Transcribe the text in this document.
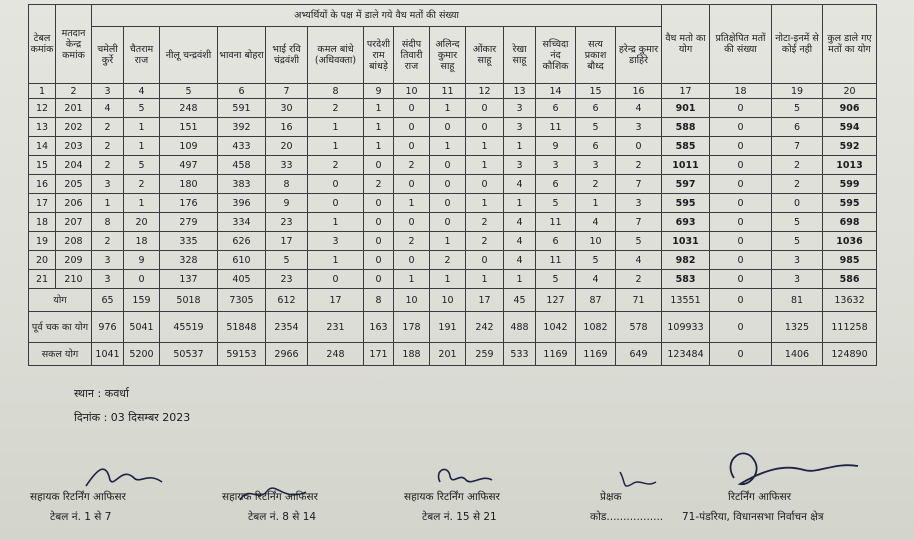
टेबल कमांक	मतदान केन्द्र कमांक	अभ्यर्थियों के पक्ष में डाले गये वैध मतों की संख्या														वैध मतो का योग	प्रतिक्षेपित मतों की संख्या	नोटा-इनमें से कोई नही	कुल डाले गए मतों का योग
		चमेली कुर्रे	चैतराम राज	नीलू चन्द्रवंशी	भावना बोहरा	भाई रवि चंद्रवंशी	कमल बांधे (अधिवक्ता)	परदेशी राम बांधड़े	संदीप तिवारी राज	अलिन्द कुमार साहू	ओंकार साहू	रेखा साहू	सच्चिदा नंद कौशिक	सत्य प्रकाश बौध्द	हरेन्द्र कुमार डाहिरे				
1	2	3	4	5	6	7	8	9	10	11	12	13	14	15	16	17	18	19	20
12	201	4	5	248	591	30	2	1	0	1	0	3	6	6	4	901	0	5	906
13	202	2	1	151	392	16	1	1	0	0	0	3	11	5	3	588	0	6	594
14	203	2	1	109	433	20	1	1	0	1	1	1	9	6	0	585	0	7	592
15	204	2	5	497	458	33	2	0	2	0	1	3	3	3	2	1011	0	2	1013
16	205	3	2	180	383	8	0	2	0	0	0	4	6	2	7	597	0	2	599
17	206	1	1	176	396	9	0	0	1	0	1	1	5	1	3	595	0	0	595
18	207	8	20	279	334	23	1	0	0	0	2	4	11	4	7	693	0	5	698
19	208	2	18	335	626	17	3	0	2	1	2	4	6	10	5	1031	0	5	1036
20	209	3	9	328	610	5	1	0	0	2	0	4	11	5	4	982	0	3	985
21	210	3	0	137	405	23	0	0	1	1	1	1	5	4	2	583	0	3	586
योग		65	159	5018	7305	612	17	8	10	10	17	45	127	87	71	13551	0	81	13632
पूर्व चक का योग		976	5041	45519	51848	2354	231	163	178	191	242	488	1042	1082	578	109933	0	1325	111258
सकल योग		1041	5200	50537	59153	2966	248	171	188	201	259	533	1169	1169	649	123484	0	1406	124890
स्थान : कवर्धा
दिनांक : 03 दिसम्बर 2023
सहायक रिटर्निंग आफिसर
टेबल नं. 1 से 7
सहायक रिटर्निंग आफिसर
टेबल नं. 8 से 14
सहायक रिटर्निंग आफिसर
टेबल नं. 15 से 21
प्रेक्षक
कोड.................
रिटर्निंग आफिसर
71-पंडरिया, विधानसभा निर्वाचन क्षेत्र
